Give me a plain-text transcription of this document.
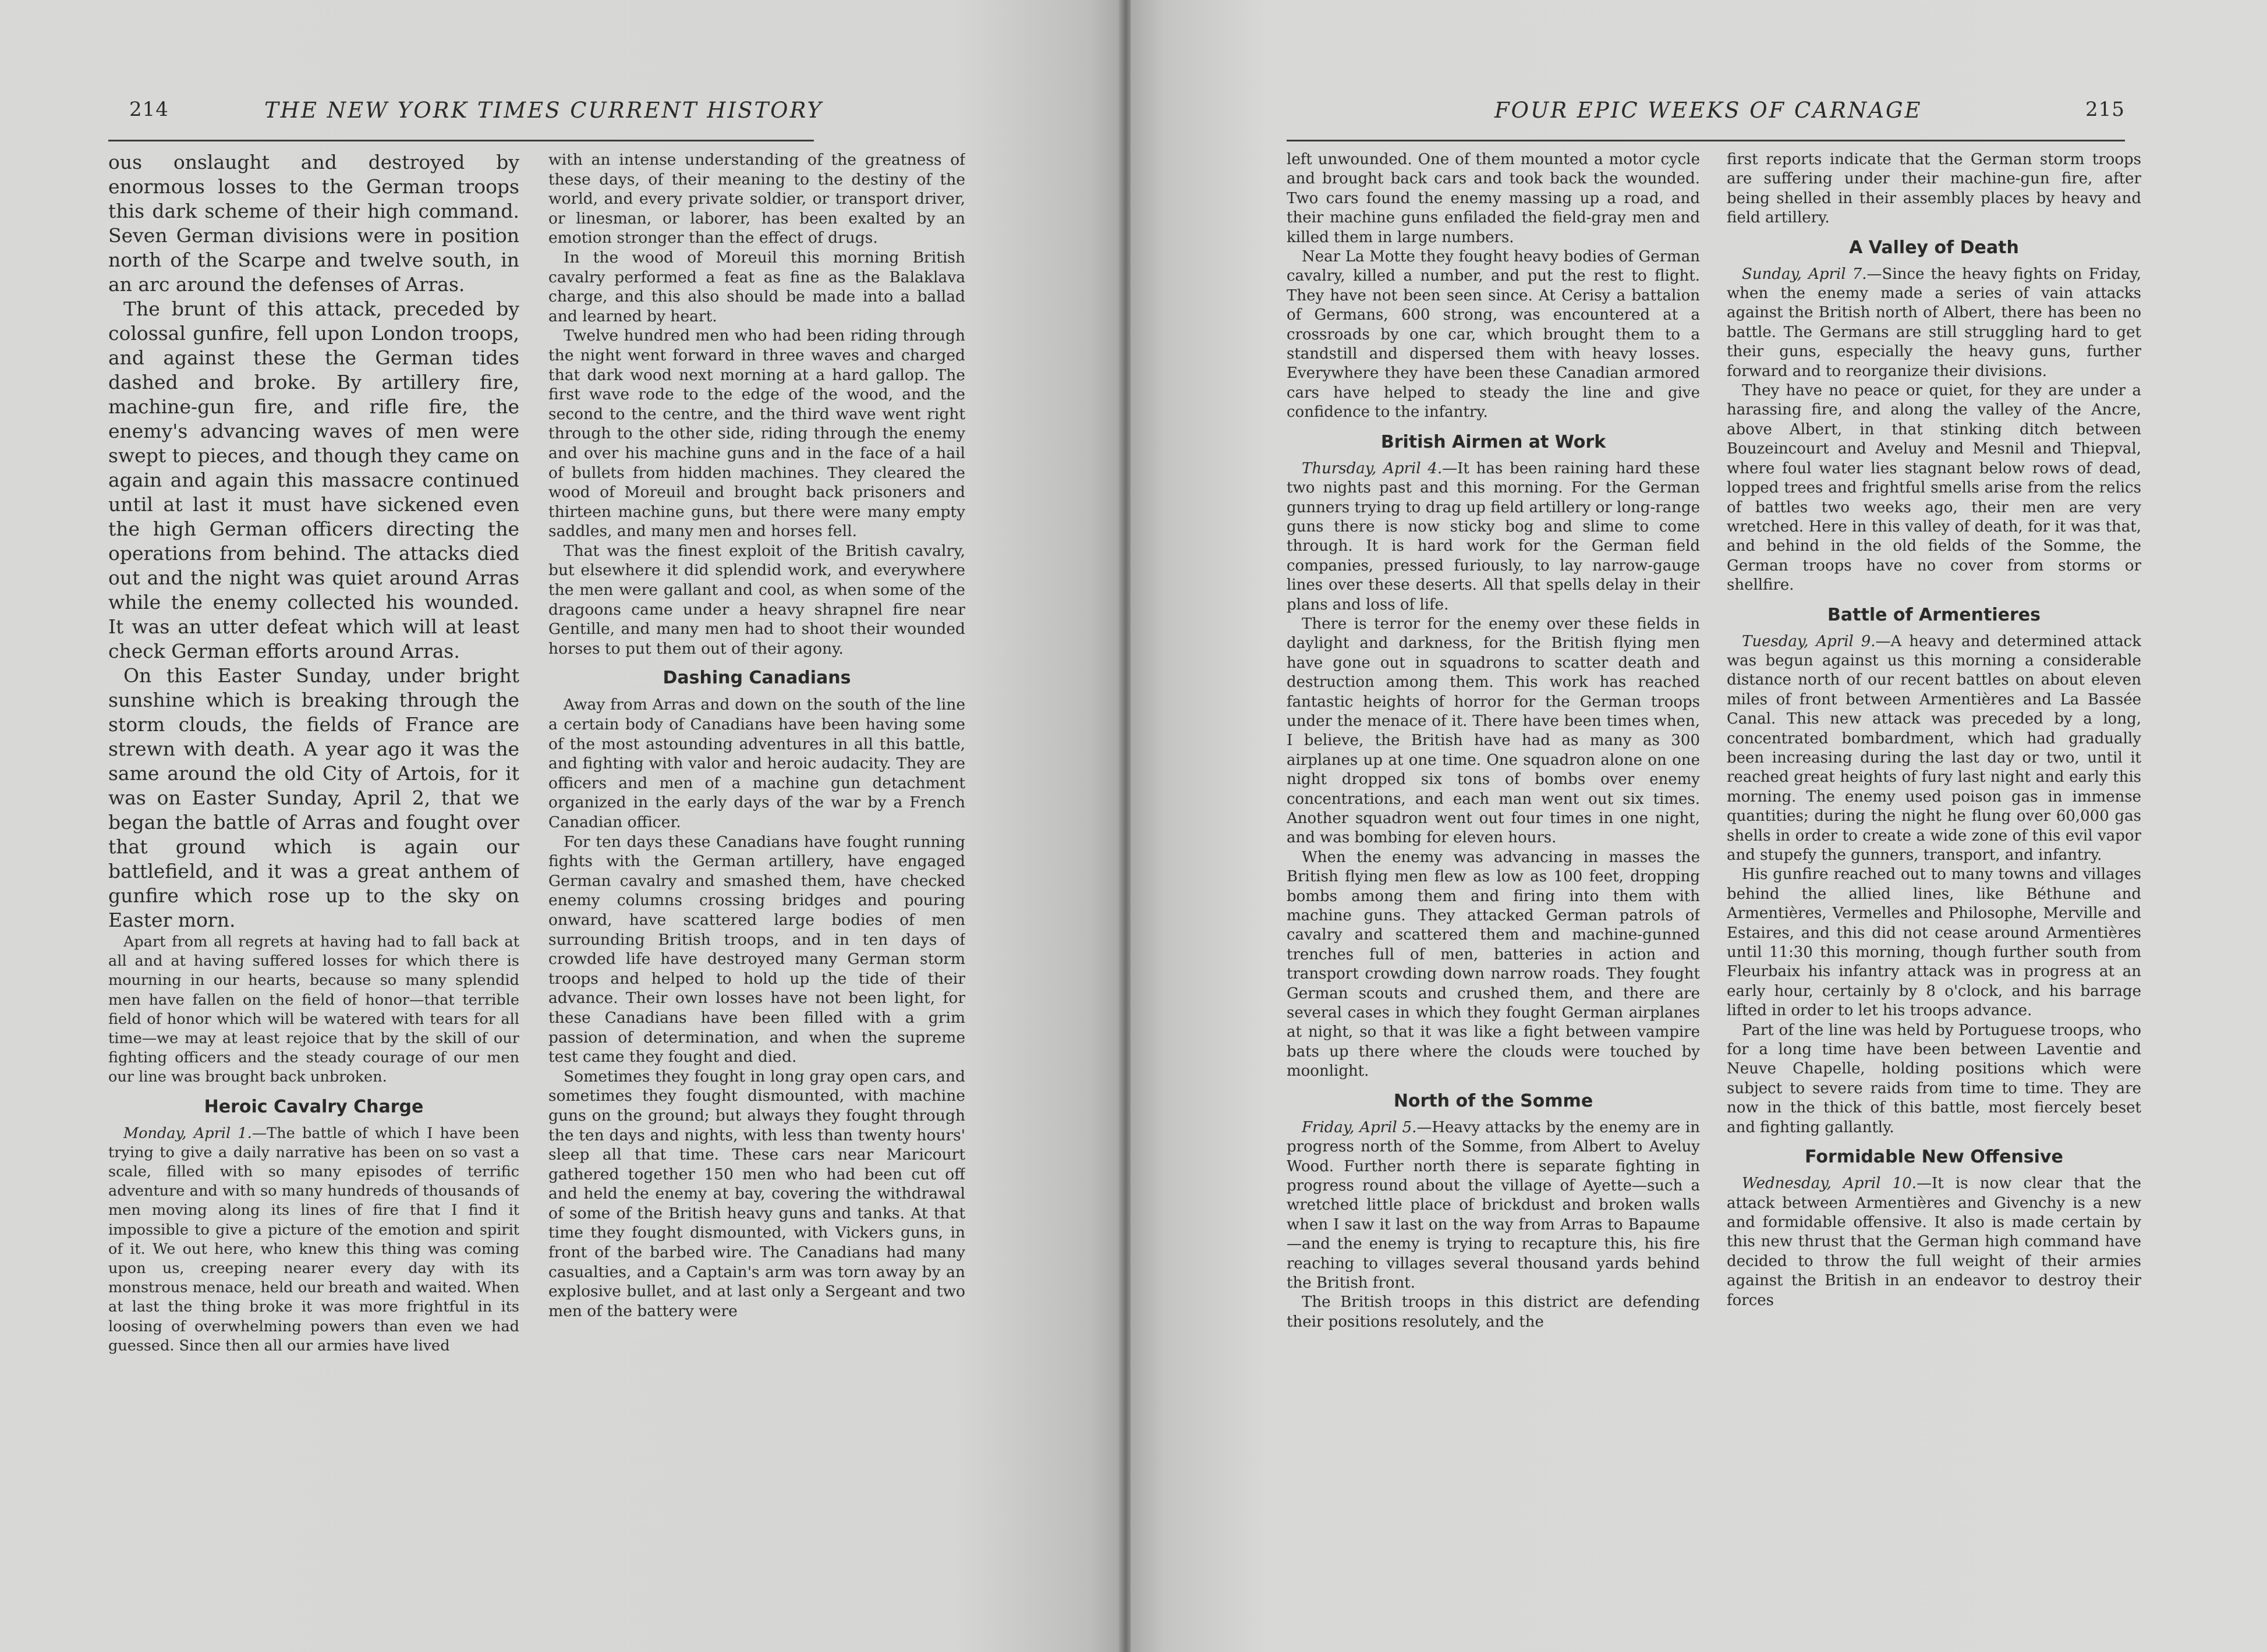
214	THE NEW YORK TIMES CURRENT HISTORY

ous onslaught and destroyed by enormous losses to the German troops this dark scheme of their high command. Seven German divisions were in position north of the Scarpe and twelve south, in an arc around the defenses of Arras.

The brunt of this attack, preceded by colossal gunfire, fell upon London troops, and against these the German tides dashed and broke. By artillery fire, machine-gun fire, and rifle fire, the enemy's advancing waves of men were swept to pieces, and though they came on again and again this massacre continued until at last it must have sickened even the high German officers directing the operations from behind. The attacks died out and the night was quiet around Arras while the enemy collected his wounded. It was an utter defeat which will at least check German efforts around Arras.

On this Easter Sunday, under bright sunshine which is breaking through the storm clouds, the fields of France are strewn with death. A year ago it was the same around the old City of Artois, for it was on Easter Sunday, April 2, that we began the battle of Arras and fought over that ground which is again our battlefield, and it was a great anthem of gunfire which rose up to the sky on Easter morn.

Apart from all regrets at having had to fall back at all and at having suffered losses for which there is mourning in our hearts, because so many splendid men have fallen on the field of honor—that terrible field of honor which will be watered with tears for all time—we may at least rejoice that by the skill of our fighting officers and the steady courage of our men our line was brought back unbroken.

Heroic Cavalry Charge

Monday, April 1.—The battle of which I have been trying to give a daily narrative has been on so vast a scale, filled with so many episodes of terrific adventure and with so many hundreds of thousands of men moving along its lines of fire that I find it impossible to give a picture of the emotion and spirit of it. We out here, who knew this thing was coming upon us, creeping nearer every day with its monstrous menace, held our breath and waited. When at last the thing broke it was more frightful in its loosing of overwhelming powers than even we had guessed. Since then all our armies have lived

with an intense understanding of the greatness of these days, of their meaning to the destiny of the world, and every private soldier, or transport driver, or linesman, or laborer, has been exalted by an emotion stronger than the effect of drugs.

In the wood of Moreuil this morning British cavalry performed a feat as fine as the Balaklava charge, and this also should be made into a ballad and learned by heart.

Twelve hundred men who had been riding through the night went forward in three waves and charged that dark wood next morning at a hard gallop. The first wave rode to the edge of the wood, and the second to the centre, and the third wave went right through to the other side, riding through the enemy and over his machine guns and in the face of a hail of bullets from hidden machines. They cleared the wood of Moreuil and brought back prisoners and thirteen machine guns, but there were many empty saddles, and many men and horses fell.

That was the finest exploit of the British cavalry, but elsewhere it did splendid work, and everywhere the men were gallant and cool, as when some of the dragoons came under a heavy shrapnel fire near Gentille, and many men had to shoot their wounded horses to put them out of their agony.

Dashing Canadians

Away from Arras and down on the south of the line a certain body of Canadians have been having some of the most astounding adventures in all this battle, and fighting with valor and heroic audacity. They are officers and men of a machine gun detachment organized in the early days of the war by a French Canadian officer.

For ten days these Canadians have fought running fights with the German artillery, have engaged German cavalry and smashed them, have checked enemy columns crossing bridges and pouring onward, have scattered large bodies of men surrounding British troops, and in ten days of crowded life have destroyed many German storm troops and helped to hold up the tide of their advance. Their own losses have not been light, for these Canadians have been filled with a grim passion of determination, and when the supreme test came they fought and died.

Sometimes they fought in long gray open cars, and sometimes they fought dismounted, with machine guns on the ground; but always they fought through the ten days and nights, with less than twenty hours' sleep all that time. These cars near Maricourt gathered together 150 men who had been cut off and held the enemy at bay, covering the withdrawal of some of the British heavy guns and tanks. At that time they fought dismounted, with Vickers guns, in front of the barbed wire. The Canadians had many casualties, and a Captain's arm was torn away by an explosive bullet, and at last only a Sergeant and two men of the battery were

FOUR EPIC WEEKS OF CARNAGE	215

left unwounded. One of them mounted a motor cycle and brought back cars and took back the wounded. Two cars found the enemy massing up a road, and their machine guns enfiladed the field-gray men and killed them in large numbers.

Near La Motte they fought heavy bodies of German cavalry, killed a number, and put the rest to flight. They have not been seen since. At Cerisy a battalion of Germans, 600 strong, was encountered at a crossroads by one car, which brought them to a standstill and dispersed them with heavy losses. Everywhere they have been these Canadian armored cars have helped to steady the line and give confidence to the infantry.

British Airmen at Work

Thursday, April 4.—It has been raining hard these two nights past and this morning. For the German gunners trying to drag up field artillery or long-range guns there is now sticky bog and slime to come through. It is hard work for the German field companies, pressed furiously, to lay narrow-gauge lines over these deserts. All that spells delay in their plans and loss of life.

There is terror for the enemy over these fields in daylight and darkness, for the British flying men have gone out in squadrons to scatter death and destruction among them. This work has reached fantastic heights of horror for the German troops under the menace of it. There have been times when, I believe, the British have had as many as 300 airplanes up at one time. One squadron alone on one night dropped six tons of bombs over enemy concentrations, and each man went out six times. Another squadron went out four times in one night, and was bombing for eleven hours.

When the enemy was advancing in masses the British flying men flew as low as 100 feet, dropping bombs among them and firing into them with machine guns. They attacked German patrols of cavalry and scattered them and machine-gunned trenches full of men, batteries in action and transport crowding down narrow roads. They fought German scouts and crushed them, and there are several cases in which they fought German airplanes at night, so that it was like a fight between vampire bats up there where the clouds were touched by moonlight.

North of the Somme

Friday, April 5.—Heavy attacks by the enemy are in progress north of the Somme, from Albert to Aveluy Wood. Further north there is separate fighting in progress round about the village of Ayette—such a wretched little place of brickdust and broken walls when I saw it last on the way from Arras to Bapaume—and the enemy is trying to recapture this, his fire reaching to villages several thousand yards behind the British front.

The British troops in this district are defending their positions resolutely, and the

first reports indicate that the German storm troops are suffering under their machine-gun fire, after being shelled in their assembly places by heavy and field artillery.

A Valley of Death

Sunday, April 7.—Since the heavy fights on Friday, when the enemy made a series of vain attacks against the British north of Albert, there has been no battle. The Germans are still struggling hard to get their guns, especially the heavy guns, further forward and to reorganize their divisions.

They have no peace or quiet, for they are under a harassing fire, and along the valley of the Ancre, above Albert, in that stinking ditch between Bouzeincourt and Aveluy and Mesnil and Thiepval, where foul water lies stagnant below rows of dead, lopped trees and frightful smells arise from the relics of battles two weeks ago, their men are very wretched. Here in this valley of death, for it was that, and behind in the old fields of the Somme, the German troops have no cover from storms or shellfire.

Battle of Armentieres

Tuesday, April 9.—A heavy and determined attack was begun against us this morning a considerable distance north of our recent battles on about eleven miles of front between Armentières and La Bassée Canal. This new attack was preceded by a long, concentrated bombardment, which had gradually been increasing during the last day or two, until it reached great heights of fury last night and early this morning. The enemy used poison gas in immense quantities; during the night he flung over 60,000 gas shells in order to create a wide zone of this evil vapor and stupefy the gunners, transport, and infantry.

His gunfire reached out to many towns and villages behind the allied lines, like Béthune and Armentières, Vermelles and Philosophe, Merville and Estaires, and this did not cease around Armentières until 11:30 this morning, though further south from Fleurbaix his infantry attack was in progress at an early hour, certainly by 8 o'clock, and his barrage lifted in order to let his troops advance.

Part of the line was held by Portuguese troops, who for a long time have been between Laventie and Neuve Chapelle, holding positions which were subject to severe raids from time to time. They are now in the thick of this battle, most fiercely beset and fighting gallantly.

Formidable New Offensive

Wednesday, April 10.—It is now clear that the attack between Armentières and Givenchy is a new and formidable offensive. It also is made certain by this new thrust that the German high command have decided to throw the full weight of their armies against the British in an endeavor to destroy their forces
